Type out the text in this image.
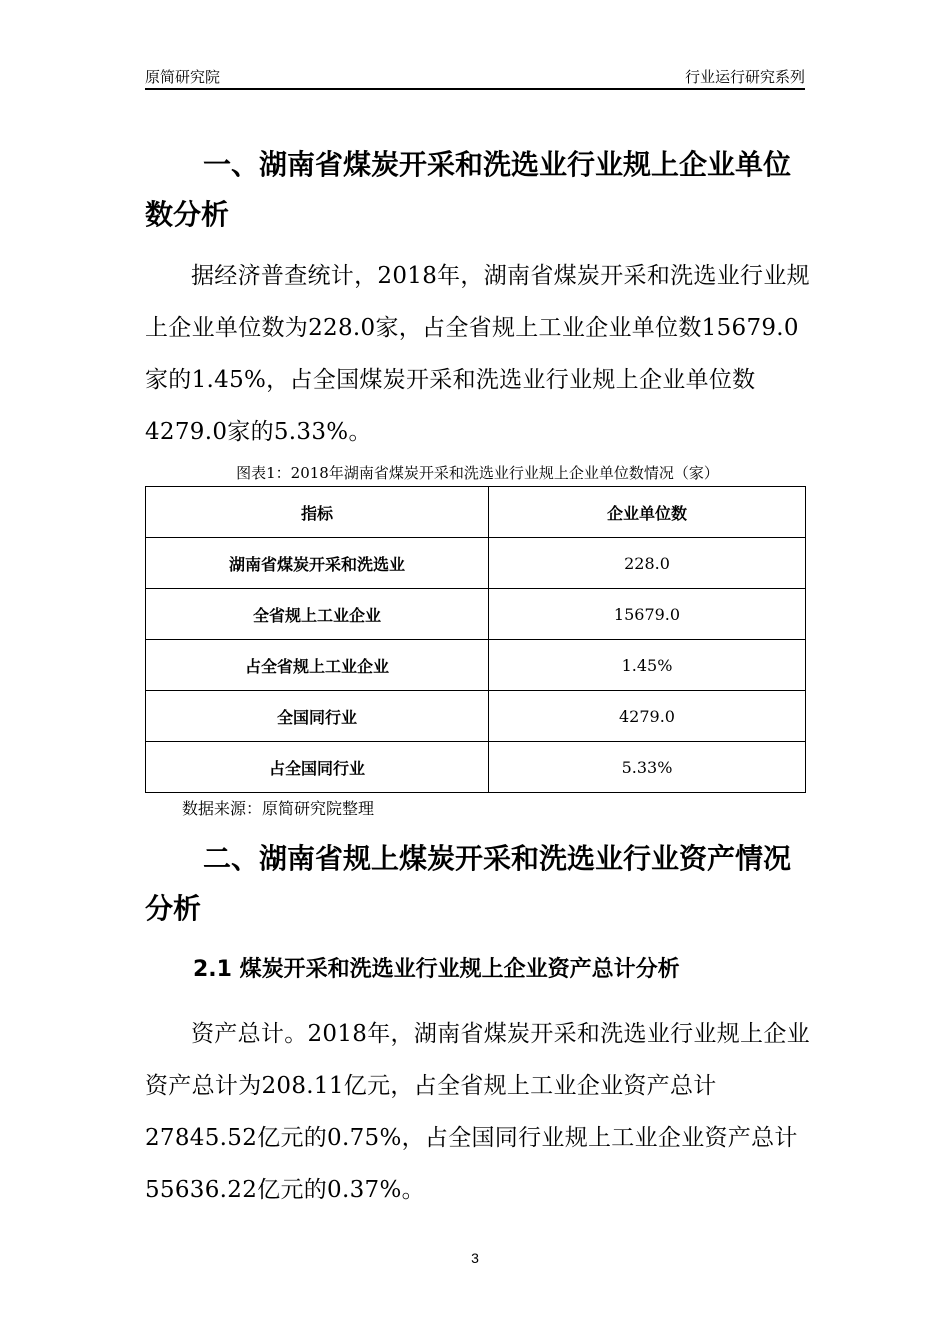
原简研究院	行业运行研究系列
一、湖南省煤炭开采和洗选业行业规上企业单位数分析

据经济普查统计，2018年，湖南省煤炭开采和洗选业行业规上企业单位数为228.0家，占全省规上工业企业单位数15679.0家的1.45%，占全国煤炭开采和洗选业行业规上企业单位数4279.0家的5.33%。

图表1：2018年湖南省煤炭开采和洗选业行业规上企业单位数情况（家）
指标	企业单位数
湖南省煤炭开采和洗选业	228.0
全省规上工业企业	15679.0
占全省规上工业企业	1.45%
全国同行业	4279.0
占全国同行业	5.33%
数据来源：原简研究院整理
二、湖南省规上煤炭开采和洗选业行业资产情况分析
2.1 煤炭开采和洗选业行业规上企业资产总计分析

资产总计。2018年，湖南省煤炭开采和洗选业行业规上企业资产总计为208.11亿元，占全省规上工业企业资产总计27845.52亿元的0.75%，占全国同行业规上工业企业资产总计55636.22亿元的0.37%。

3
